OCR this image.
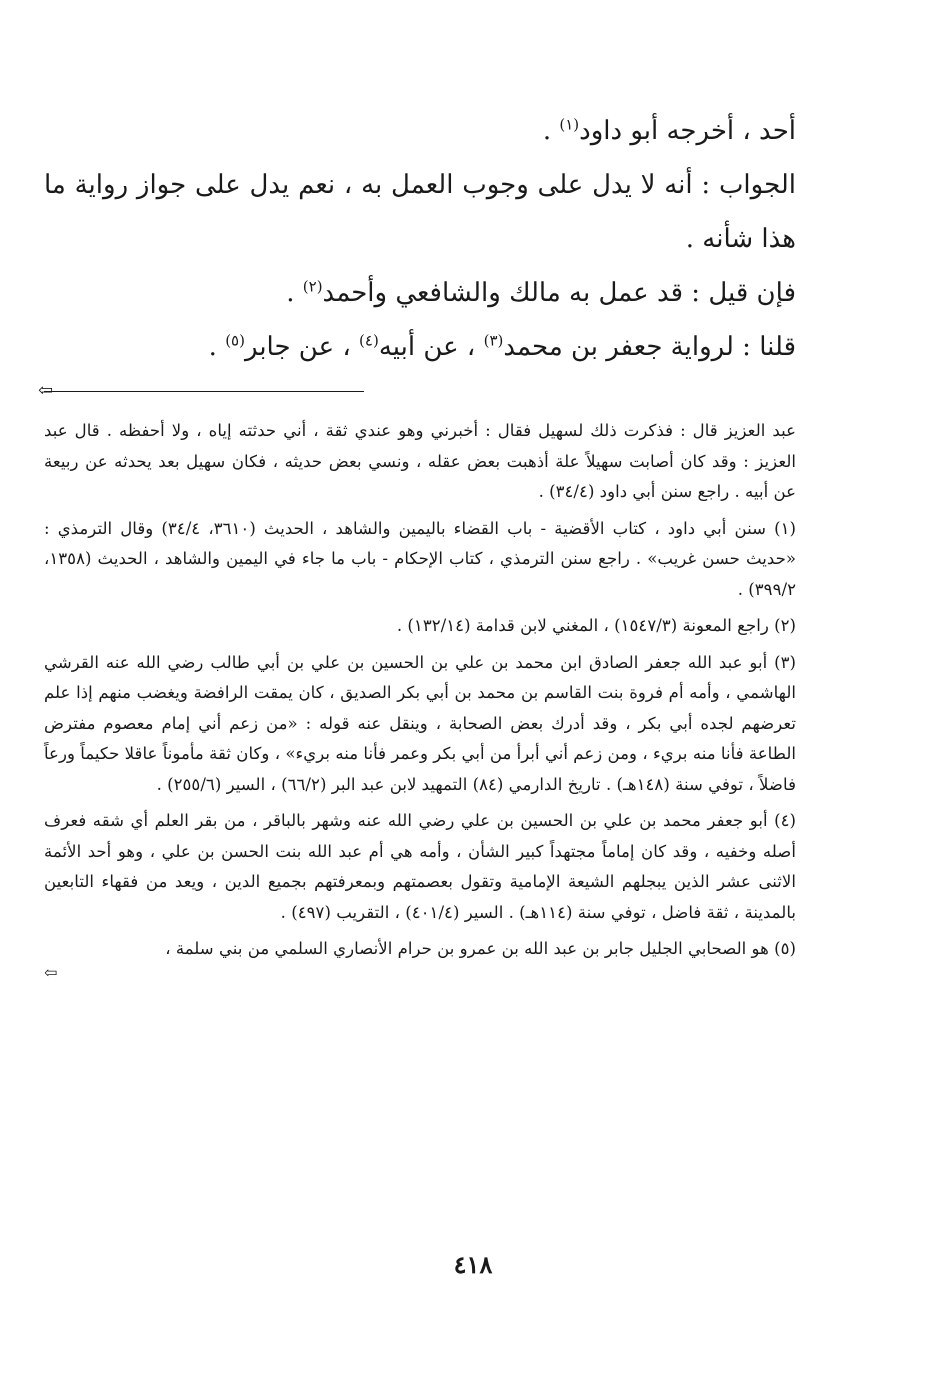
أحد ، أخرجه أبو داود$^{(١)}$ .

الجواب : أنه لا يدل على وجوب العمل به ، نعم يدل على جواز رواية ما هذا شأنه .

فإن قيل : قد عمل به مالك والشافعي وأحمد$^{(٢)}$ .

قلنا : لرواية جعفر بن محمد$^{(٣)}$ ، عن أبيه$^{(٤)}$ ، عن جابر$^{(٥)}$ .

⇦

عبد العزيز قال : فذكرت ذلك لسهيل فقال : أخبرني وهو عندي ثقة ، أني حدثته إياه ، ولا أحفظه . قال عبد العزيز : وقد كان أصابت سهيلاً علة أذهبت بعض عقله ، ونسي بعض حديثه ، فكان سهيل بعد يحدثه عن ربيعة عن أبيه . راجع سنن أبي داود (٣٤/٤) .

(١) سنن أبي داود ، كتاب الأقضية - باب القضاء باليمين والشاهد ، الحديث (٣٦١٠، ٣٤/٤) وقال الترمذي : «حديث حسن غريب» . راجع سنن الترمذي ، كتاب الإحكام - باب ما جاء في اليمين والشاهد ، الحديث (١٣٥٨، ٣٩٩/٢) .

(٢) راجع المعونة (١٥٤٧/٣) ، المغني لابن قدامة (١٣٢/١٤) .

(٣) أبو عبد الله جعفر الصادق ابن محمد بن علي بن الحسين بن علي بن أبي طالب رضي الله عنه القرشي الهاشمي ، وأمه أم فروة بنت القاسم بن محمد بن أبي بكر الصديق ، كان يمقت الرافضة ويغضب منهم إذا علم تعرضهم لجده أبي بكر ، وقد أدرك بعض الصحابة ، وينقل عنه قوله : «من زعم أني إمام معصوم مفترض الطاعة فأنا منه بريء ، ومن زعم أني أبرأ من أبي بكر وعمر فأنا منه بريء» ، وكان ثقة مأموناً عاقلا حكيماً ورعاً فاضلاً ، توفي سنة (١٤٨هـ) . تاريخ الدارمي (٨٤) التمهيد لابن عبد البر (٦٦/٢) ، السير (٢٥٥/٦) .

(٤) أبو جعفر محمد بن علي بن الحسين بن علي رضي الله عنه وشهر بالباقر ، من بقر العلم أي شقه فعرف أصله وخفيه ، وقد كان إماماً مجتهداً كبير الشأن ، وأمه هي أم عبد الله بنت الحسن بن علي ، وهو أحد الأئمة الاثنى عشر الذين يبجلهم الشيعة الإمامية وتقول بعصمتهم وبمعرفتهم بجميع الدين ، ويعد من فقهاء التابعين بالمدينة ، ثقة فاضل ، توفي سنة (١١٤هـ) . السير (٤٠١/٤) ، التقريب (٤٩٧) .

(٥) هو الصحابي الجليل جابر بن عبد الله بن عمرو بن حرام الأنصاري السلمي من بني سلمة ،

⇦
٤١٨
